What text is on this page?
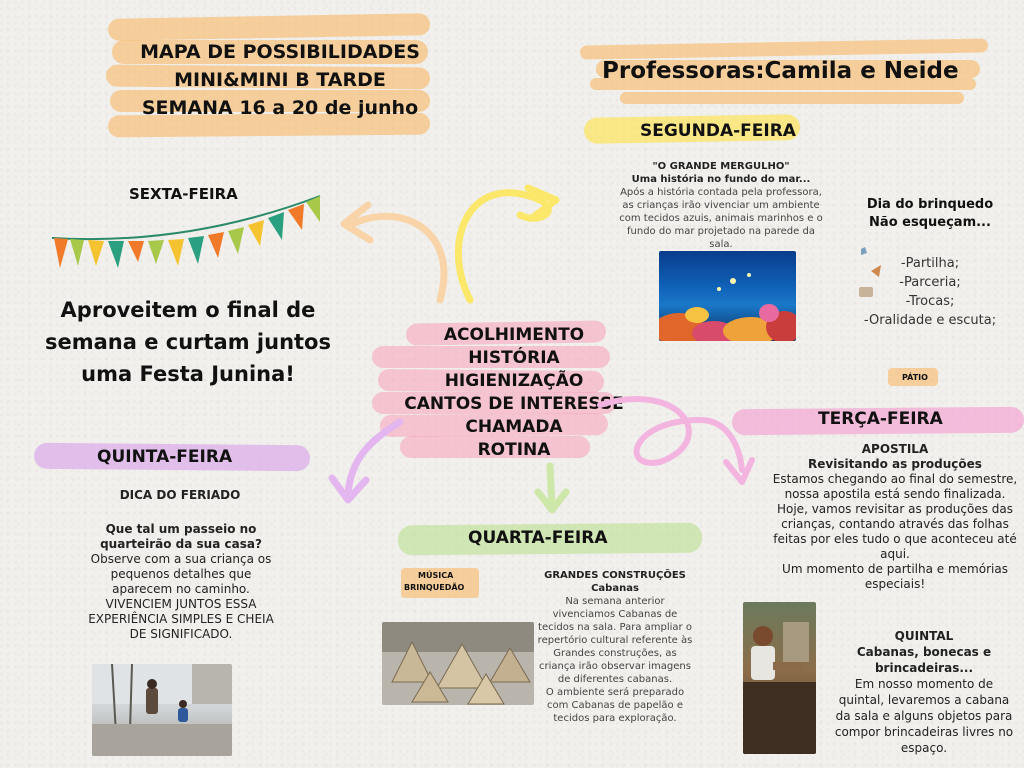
MAPA DE POSSIBILIDADES
MINI&MINI B TARDE
SEMANA 16 a 20 de junho
Professoras:Camila e Neide
SEGUNDA-FEIRA
"O GRANDE MERGULHO"
Uma história no fundo do mar...
Após a história contada pela professora, as crianças irão vivenciar um ambiente com tecidos azuis, animais marinhos e o fundo do mar projetado na parede da sala.
Dia do brinquedo
Não esqueçam...
-Partilha;
-Parceria;
-Trocas;
-Oralidade e escuta;
PÁTIO
TERÇA-FEIRA
APOSTILA
Revisitando as produções
Estamos chegando ao final do semestre, nossa apostila está sendo finalizada. Hoje, vamos revisitar as produções das crianças, contando através das folhas feitas por eles tudo o que aconteceu até aqui.
Um momento de partilha e memórias especiais!
QUINTAL
Cabanas, bonecas e brincadeiras...
Em nosso momento de quintal, levaremos a cabana da sala e alguns objetos para compor brincadeiras livres no espaço.
ACOLHIMENTO
HISTÓRIA
HIGIENIZAÇÃO
CANTOS DE INTERESSE
CHAMADA
ROTINA
QUARTA-FEIRA
MÚSICA
BRINQUEDÃO
GRANDES CONSTRUÇÕES
Cabanas
Na semana anterior vivenciamos Cabanas de tecidos na sala. Para ampliar o repertório cultural referente às Grandes construções, as criança irão observar imagens de diferentes cabanas.
O ambiente será preparado com Cabanas de papelão e tecidos para exploração.
QUINTA-FEIRA
DICA DO FERIADO
Que tal um passeio no quarteirão da sua casa?
Observe com a sua criança os pequenos detalhes que aparecem no caminho.
VIVENCIEM JUNTOS ESSA EXPERIÊNCIA SIMPLES E CHEIA DE SIGNIFICADO.
SEXTA-FEIRA
Aproveitem o final de semana e curtam juntos uma Festa Junina!
